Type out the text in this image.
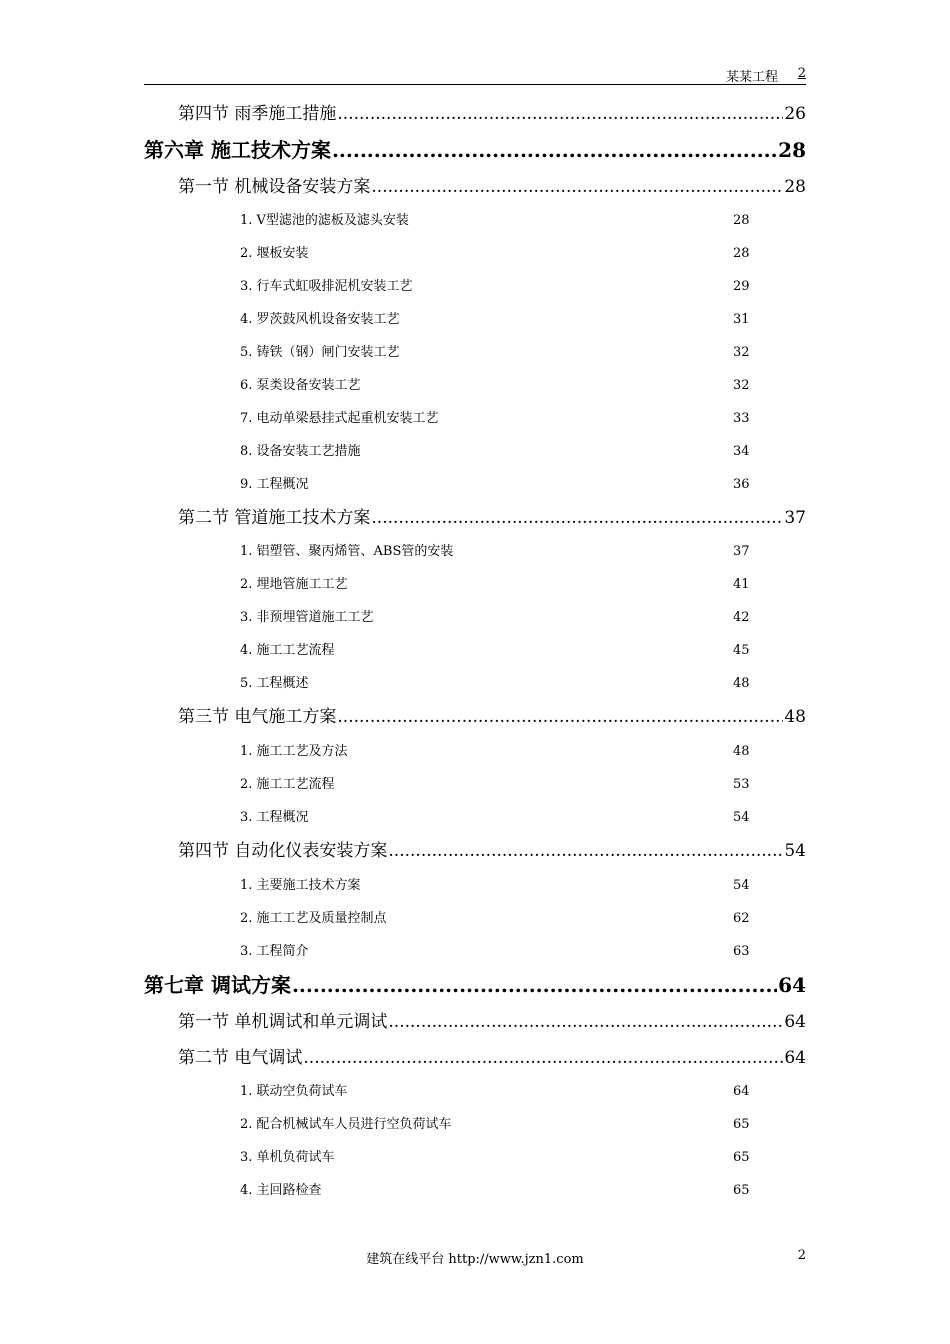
某某工程 2
第四节 雨季施工措施 .....	26
第六章 施工技术方案 .....	28
第一节 机械设备安装方案 .....	28
1. V型滤池的滤板及滤头安装	28
2. 堰板安装	28
3. 行车式虹吸排泥机安装工艺	29
4. 罗茨鼓风机设备安装工艺	31
5. 铸铁（钢）闸门安装工艺	32
6. 泵类设备安装工艺	32
7. 电动单梁悬挂式起重机安装工艺	33
8. 设备安装工艺措施	34
9. 工程概况	36
第二节 管道施工技术方案 .....	37
1. 铝塑管、聚丙烯管、ABS管的安装	37
2. 埋地管施工工艺	41
3. 非预埋管道施工工艺	42
4. 施工工艺流程	45
5. 工程概述	48
第三节 电气施工方案 .....	48
1. 施工工艺及方法	48
2. 施工工艺流程	53
3. 工程概况	54
第四节 自动化仪表安装方案 .....	54
1. 主要施工技术方案	54
2. 施工工艺及质量控制点	62
3. 工程简介	63
第七章 调试方案 .....	64
第一节 单机调试和单元调试 .....	64
第二节 电气调试 .....	64
1. 联动空负荷试车	64
2. 配合机械试车人员进行空负荷试车	65
3. 单机负荷试车	65
4. 主回路检查	65
建筑在线平台 http://www.jzn1.com	2
